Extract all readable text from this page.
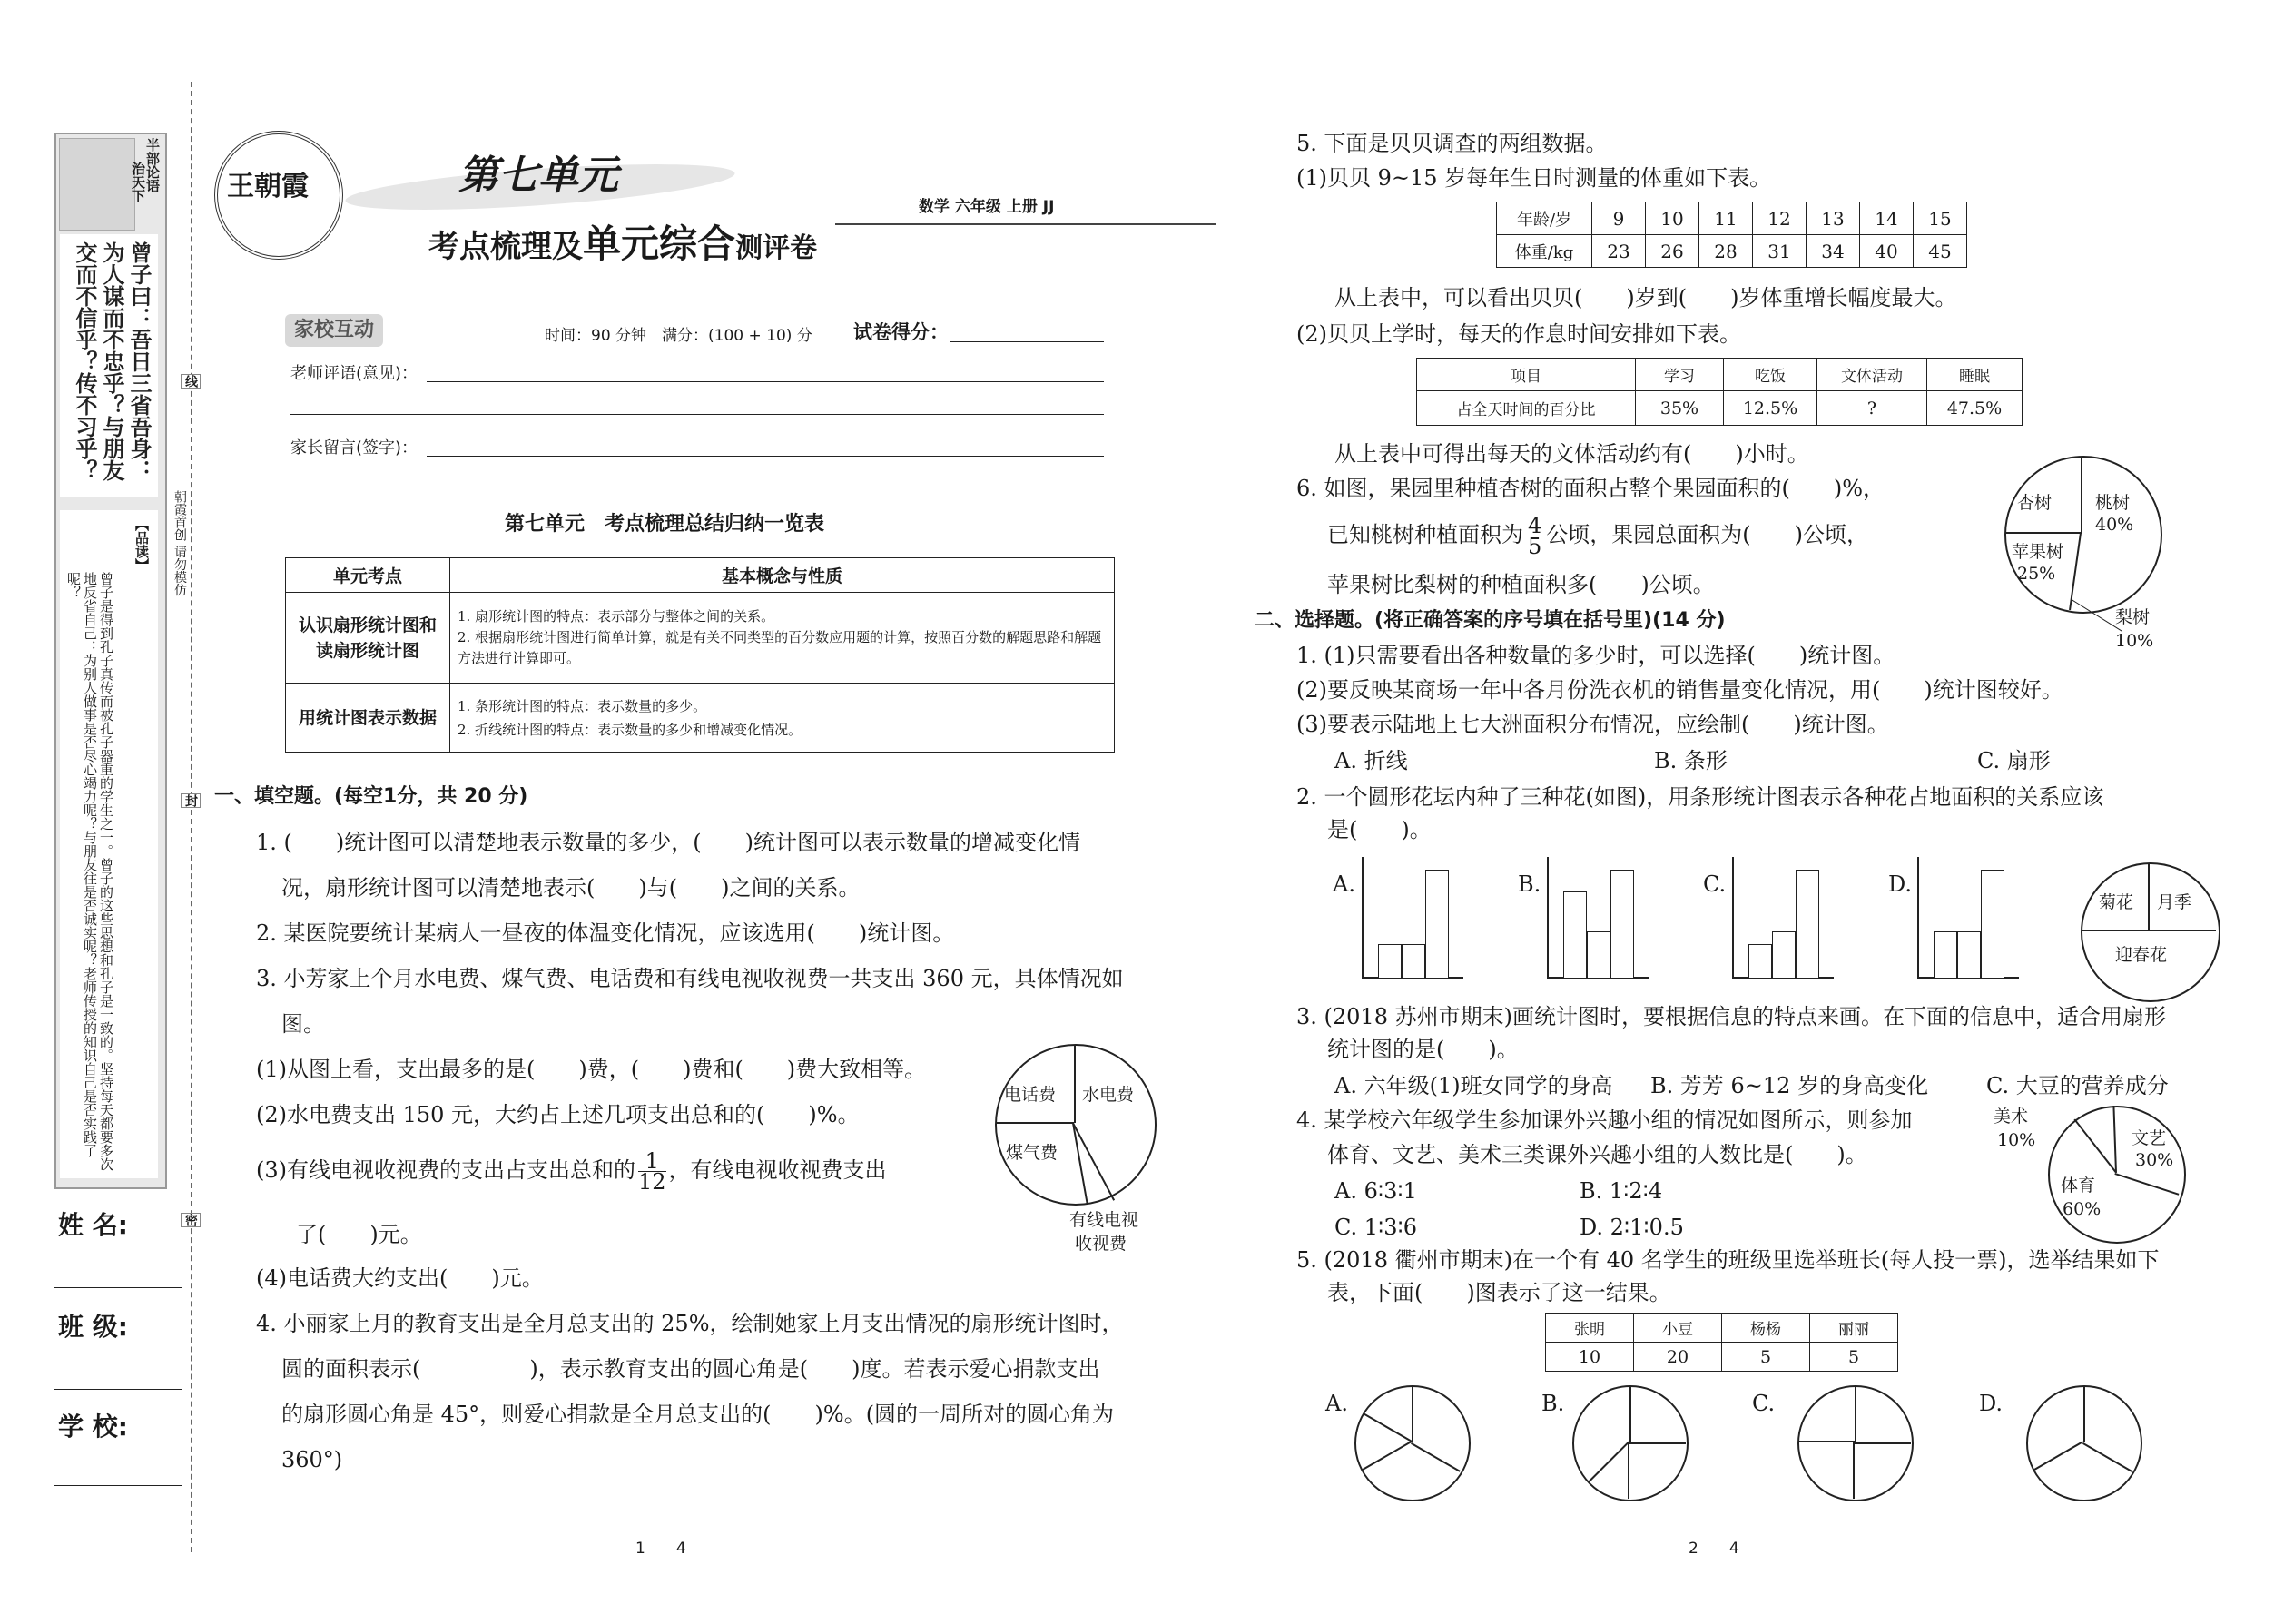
半部论语
治天下
曾子曰：吾日三省吾身：为人谋而不忠乎？与朋友交而不信乎？传不习乎？
【品读】
曾子是得到孔子真传而被孔子器重的学生之一。曾子的这些思想和孔子是一致的。坚持每天都要多次地反省自己：为别人做事是否尽心竭力呢？与朋友往是否诚实呢？老师传授的知识自己是否实践了呢？	朝霞首创 请勿模仿
线
封
密
姓 名:
班 级:
学 校:
王朝霞	第七单元
考点梳理及单元综合测评卷
数学 六年级 上册 JJ
家校互动	时间：90 分钟　满分：(100 + 10) 分 试卷得分：
老师评语(意见)：
家长留言(签字)：
第七单元　考点梳理总结归纳一览表
单元考点	基本概念与性质
认识扇形统计图和读扇形统计图	1. 扇形统计图的特点：表示部分与整体之间的关系。
2. 根据扇形统计图进行简单计算，就是有关不同类型的百分数应用题的计算，按照百分数的解题思路和解题方法进行计算即可。

用统计图表示数据	1. 条形统计图的特点：表示数量的多少。
2. 折线统计图的特点：表示数量的多少和增减变化情况。
一、填空题。(每空1分，共 20 分)
1. (　　)统计图可以清楚地表示数量的多少，(　　)统计图可以表示数量的增减变化情
况，扇形统计图可以清楚地表示(　　)与(　　)之间的关系。
2. 某医院要统计某病人一昼夜的体温变化情况，应该选用(　　)统计图。
3. 小芳家上个月水电费、煤气费、电话费和有线电视收视费一共支出 360 元，具体情况如
图。
(1)从图上看，支出最多的是(　　)费，(　　)费和(　　)费大致相等。
(2)水电费支出 150 元，大约占上述几项支出总和的(　　)%。
(3)有线电视收视费的支出占支出总和的 $\frac{1}{12}$ ，有线电视收视费支出
了(　　)元。
(4)电话费大约支出(　　)元。
电话费 水电费
煤气费
有线电视
收视费
4. 小丽家上月的教育支出是全月总支出的 25%，绘制她家上月支出情况的扇形统计图时，
圆的面积表示(　　　　　)，表示教育支出的圆心角是(　　)度。若表示爱心捐款支出
的扇形圆心角是 45°，则爱心捐款是全月总支出的(　　)%。(圆的一周所对的圆心角为
360°)
1　　4
5. 下面是贝贝调查的两组数据。
(1)贝贝 9~15 岁每年生日时测量的体重如下表。
年龄/岁	9	10	11	12	13	14	15
体重/kg	23	26	28	31	34	40	45
从上表中，可以看出贝贝(　　)岁到(　　)岁体重增长幅度最大。
(2)贝贝上学时，每天的作息时间安排如下表。
项目	学习	吃饭	文体活动	睡眠
占全天时间的百分比	35%	12.5%	?	47.5%
从上表中可得出每天的文体活动约有(　　)小时。
6. 如图，果园里种植杏树的面积占整个果园面积的(　　)%，
已知桃树种植面积为 $\frac{4}{5}$ 公顷，果园总面积为(　　)公顷，
苹果树比梨树的种植面积多(　　)公顷。
杏树	桃树
40%
苹果树
25%
梨树
10%
二、选择题。(将正确答案的序号填在括号里)(14 分)
1. (1)只需要看出各种数量的多少时，可以选择(　　)统计图。
(2)要反映某商场一年中各月份洗衣机的销售量变化情况，用(　　)统计图较好。
(3)要表示陆地上七大洲面积分布情况，应绘制(　　)统计图。
A. 折线	B. 条形	C. 扇形
2. 一个圆形花坛内种了三种花(如图)，用条形统计图表示各种花占地面积的关系应该
是(　　)。
A.	B.	C.	D.
菊花 月季
迎春花
3. (2018 苏州市期末)画统计图时，要根据信息的特点来画。在下面的信息中，适合用扇形
统计图的是(　　)。
A. 六年级(1)班女同学的身高 B. 芳芳 6~12 岁的身高变化	C. 大豆的营养成分
4. 某学校六年级学生参加课外兴趣小组的情况如图所示，则参加
体育、文艺、美术三类课外兴趣小组的人数比是(　　)。
A. 6∶3∶1	B. 1∶2∶4
C. 1∶3∶6	D. 2∶1∶0.5
美术
10%	文艺
30%
体育
60%
5. (2018 衢州市期末)在一个有 40 名学生的班级里选举班长(每人投一票)，选举结果如下
表，下面(　　)图表示了这一结果。
张明	小豆	杨杨	丽丽
10	20	5	5
A.	B.	C.	D.
2　　4
